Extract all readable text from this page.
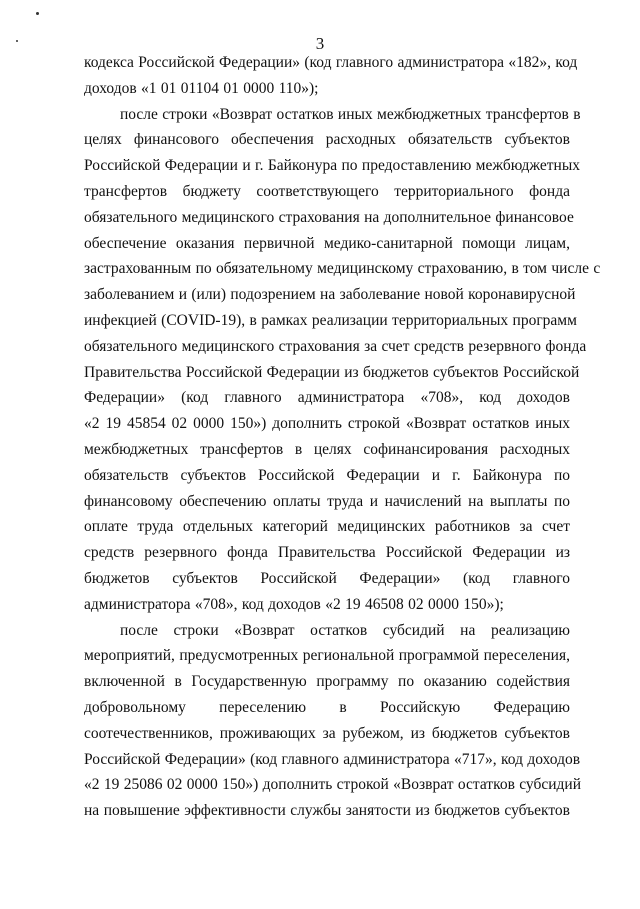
3
кодекса Российской Федерации» (код главного администратора «182», код
доходов «1 01 01104 01 0000 110»);
после строки «Возврат остатков иных межбюджетных трансфертов в
целях финансового обеспечения расходных обязательств субъектов
Российской Федерации и г. Байконура по предоставлению межбюджетных
трансфертов бюджету соответствующего территориального фонда
обязательного медицинского страхования на дополнительное финансовое
обеспечение оказания первичной медико-санитарной помощи лицам,
застрахованным по обязательному медицинскому страхованию, в том числе с
заболеванием и (или) подозрением на заболевание новой коронавирусной
инфекцией (COVID-19), в рамках реализации территориальных программ
обязательного медицинского страхования за счет средств резервного фонда
Правительства Российской Федерации из бюджетов субъектов Российской
Федерации» (код главного администратора «708», код доходов
«2 19 45854 02 0000 150») дополнить строкой «Возврат остатков иных
межбюджетных трансфертов в целях софинансирования расходных
обязательств субъектов Российской Федерации и г. Байконура по
финансовому обеспечению оплаты труда и начислений на выплаты по
оплате труда отдельных категорий медицинских работников за счет
средств резервного фонда Правительства Российской Федерации из
бюджетов субъектов Российской Федерации» (код главного
администратора «708», код доходов «2 19 46508 02 0000 150»);
после строки «Возврат остатков субсидий на реализацию
мероприятий, предусмотренных региональной программой переселения,
включенной в Государственную программу по оказанию содействия
добровольному переселению в Российскую Федерацию
соотечественников, проживающих за рубежом, из бюджетов субъектов
Российской Федерации» (код главного администратора «717», код доходов
«2 19 25086 02 0000 150») дополнить строкой «Возврат остатков субсидий
на повышение эффективности службы занятости из бюджетов субъектов
